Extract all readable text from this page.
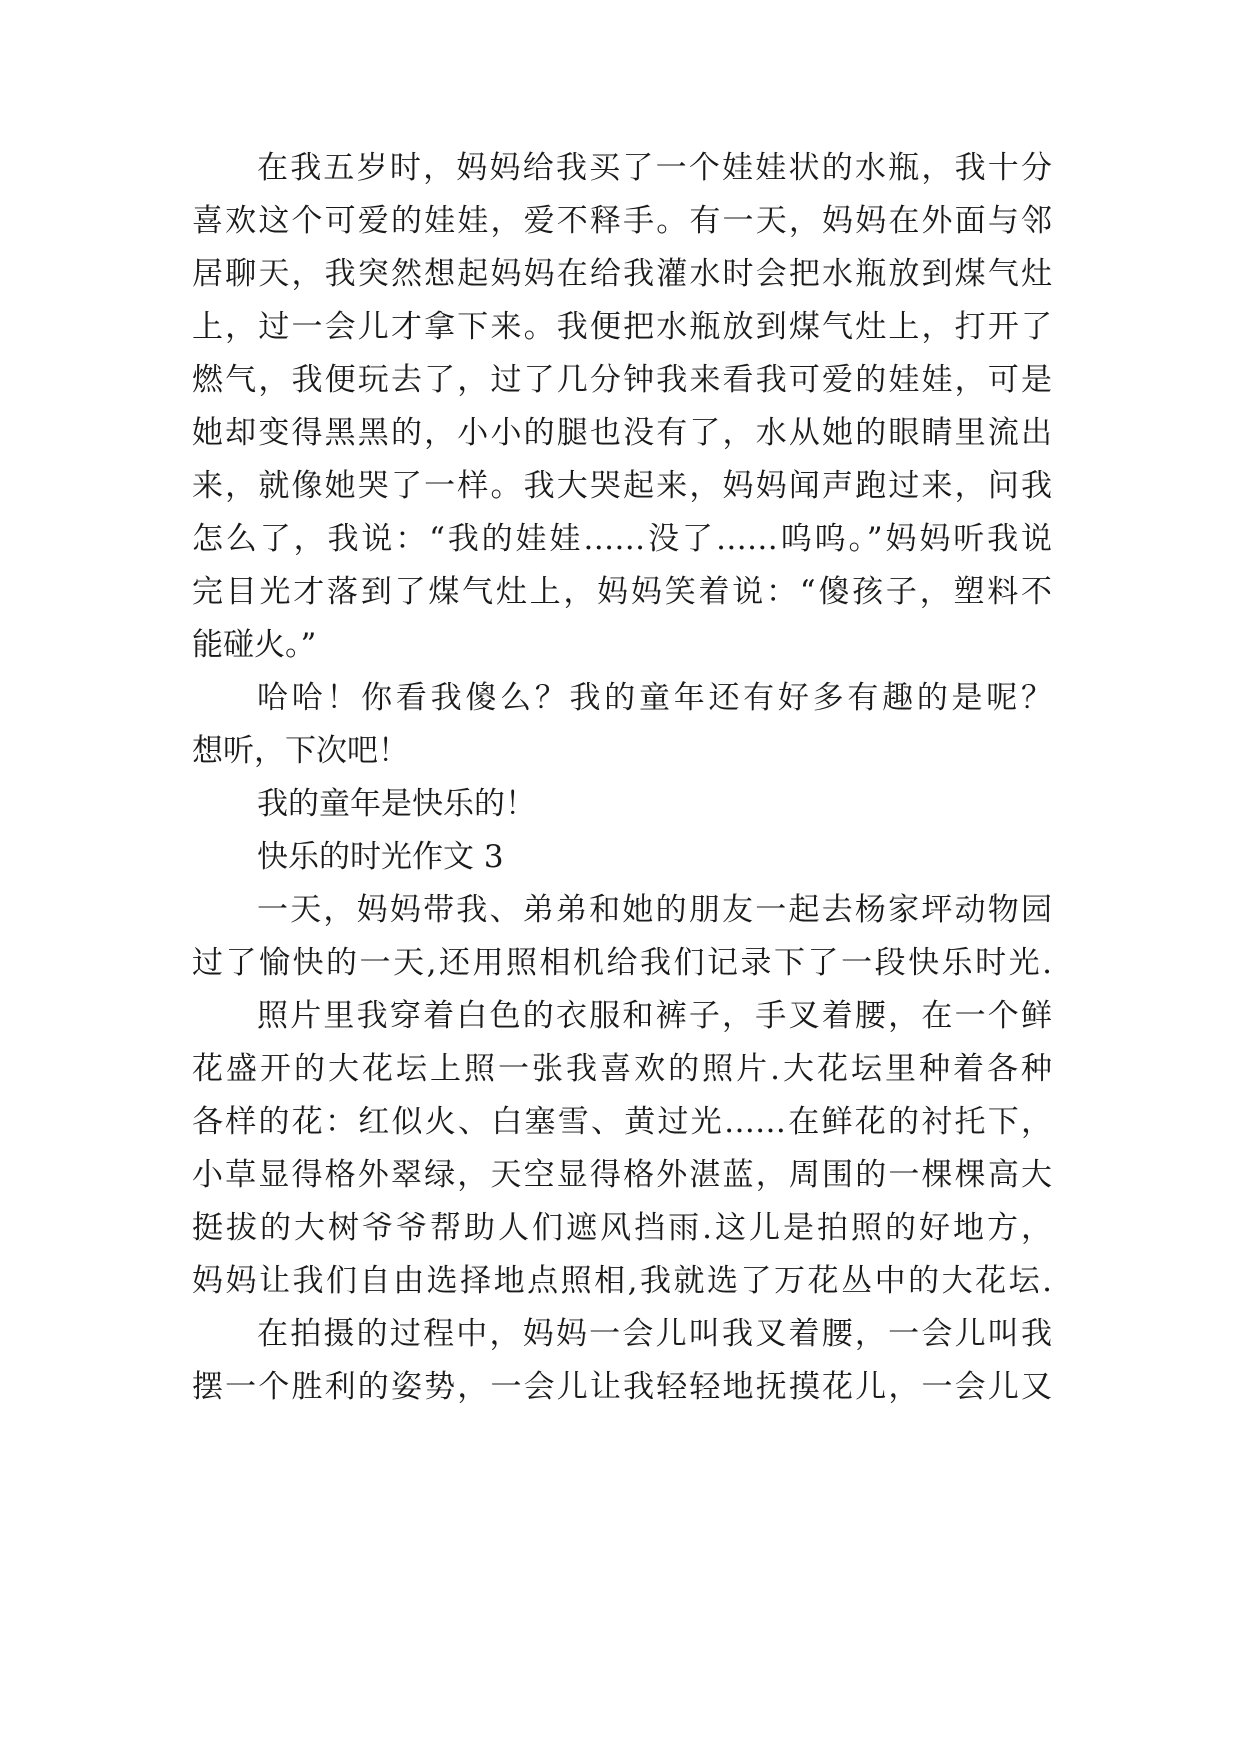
在我五岁时，妈妈给我买了一个娃娃状的水瓶，我十分
喜欢这个可爱的娃娃，爱不释手。有一天，妈妈在外面与邻
居聊天，我突然想起妈妈在给我灌水时会把水瓶放到煤气灶
上，过一会儿才拿下来。我便把水瓶放到煤气灶上，打开了
燃气，我便玩去了，过了几分钟我来看我可爱的娃娃，可是
她却变得黑黑的，小小的腿也没有了，水从她的眼睛里流出
来，就像她哭了一样。我大哭起来，妈妈闻声跑过来，问我
怎么了，我说：“我的娃娃……没了……呜呜。”妈妈听我说
完目光才落到了煤气灶上，妈妈笑着说：“傻孩子，塑料不
能碰火。”
哈哈！你看我傻么？我的童年还有好多有趣的是呢？
想听，下次吧！
我的童年是快乐的！
快乐的时光作文 3
一天，妈妈带我、弟弟和她的朋友一起去杨家坪动物园
过了愉快的一天,还用照相机给我们记录下了一段快乐时光.
照片里我穿着白色的衣服和裤子，手叉着腰，在一个鲜
花盛开的大花坛上照一张我喜欢的照片.大花坛里种着各种
各样的花：红似火、白塞雪、黄过光……在鲜花的衬托下，
小草显得格外翠绿，天空显得格外湛蓝，周围的一棵棵高大
挺拔的大树爷爷帮助人们遮风挡雨.这儿是拍照的好地方，
妈妈让我们自由选择地点照相,我就选了万花丛中的大花坛.
在拍摄的过程中，妈妈一会儿叫我叉着腰，一会儿叫我
摆一个胜利的姿势，一会儿让我轻轻地抚摸花儿，一会儿又
